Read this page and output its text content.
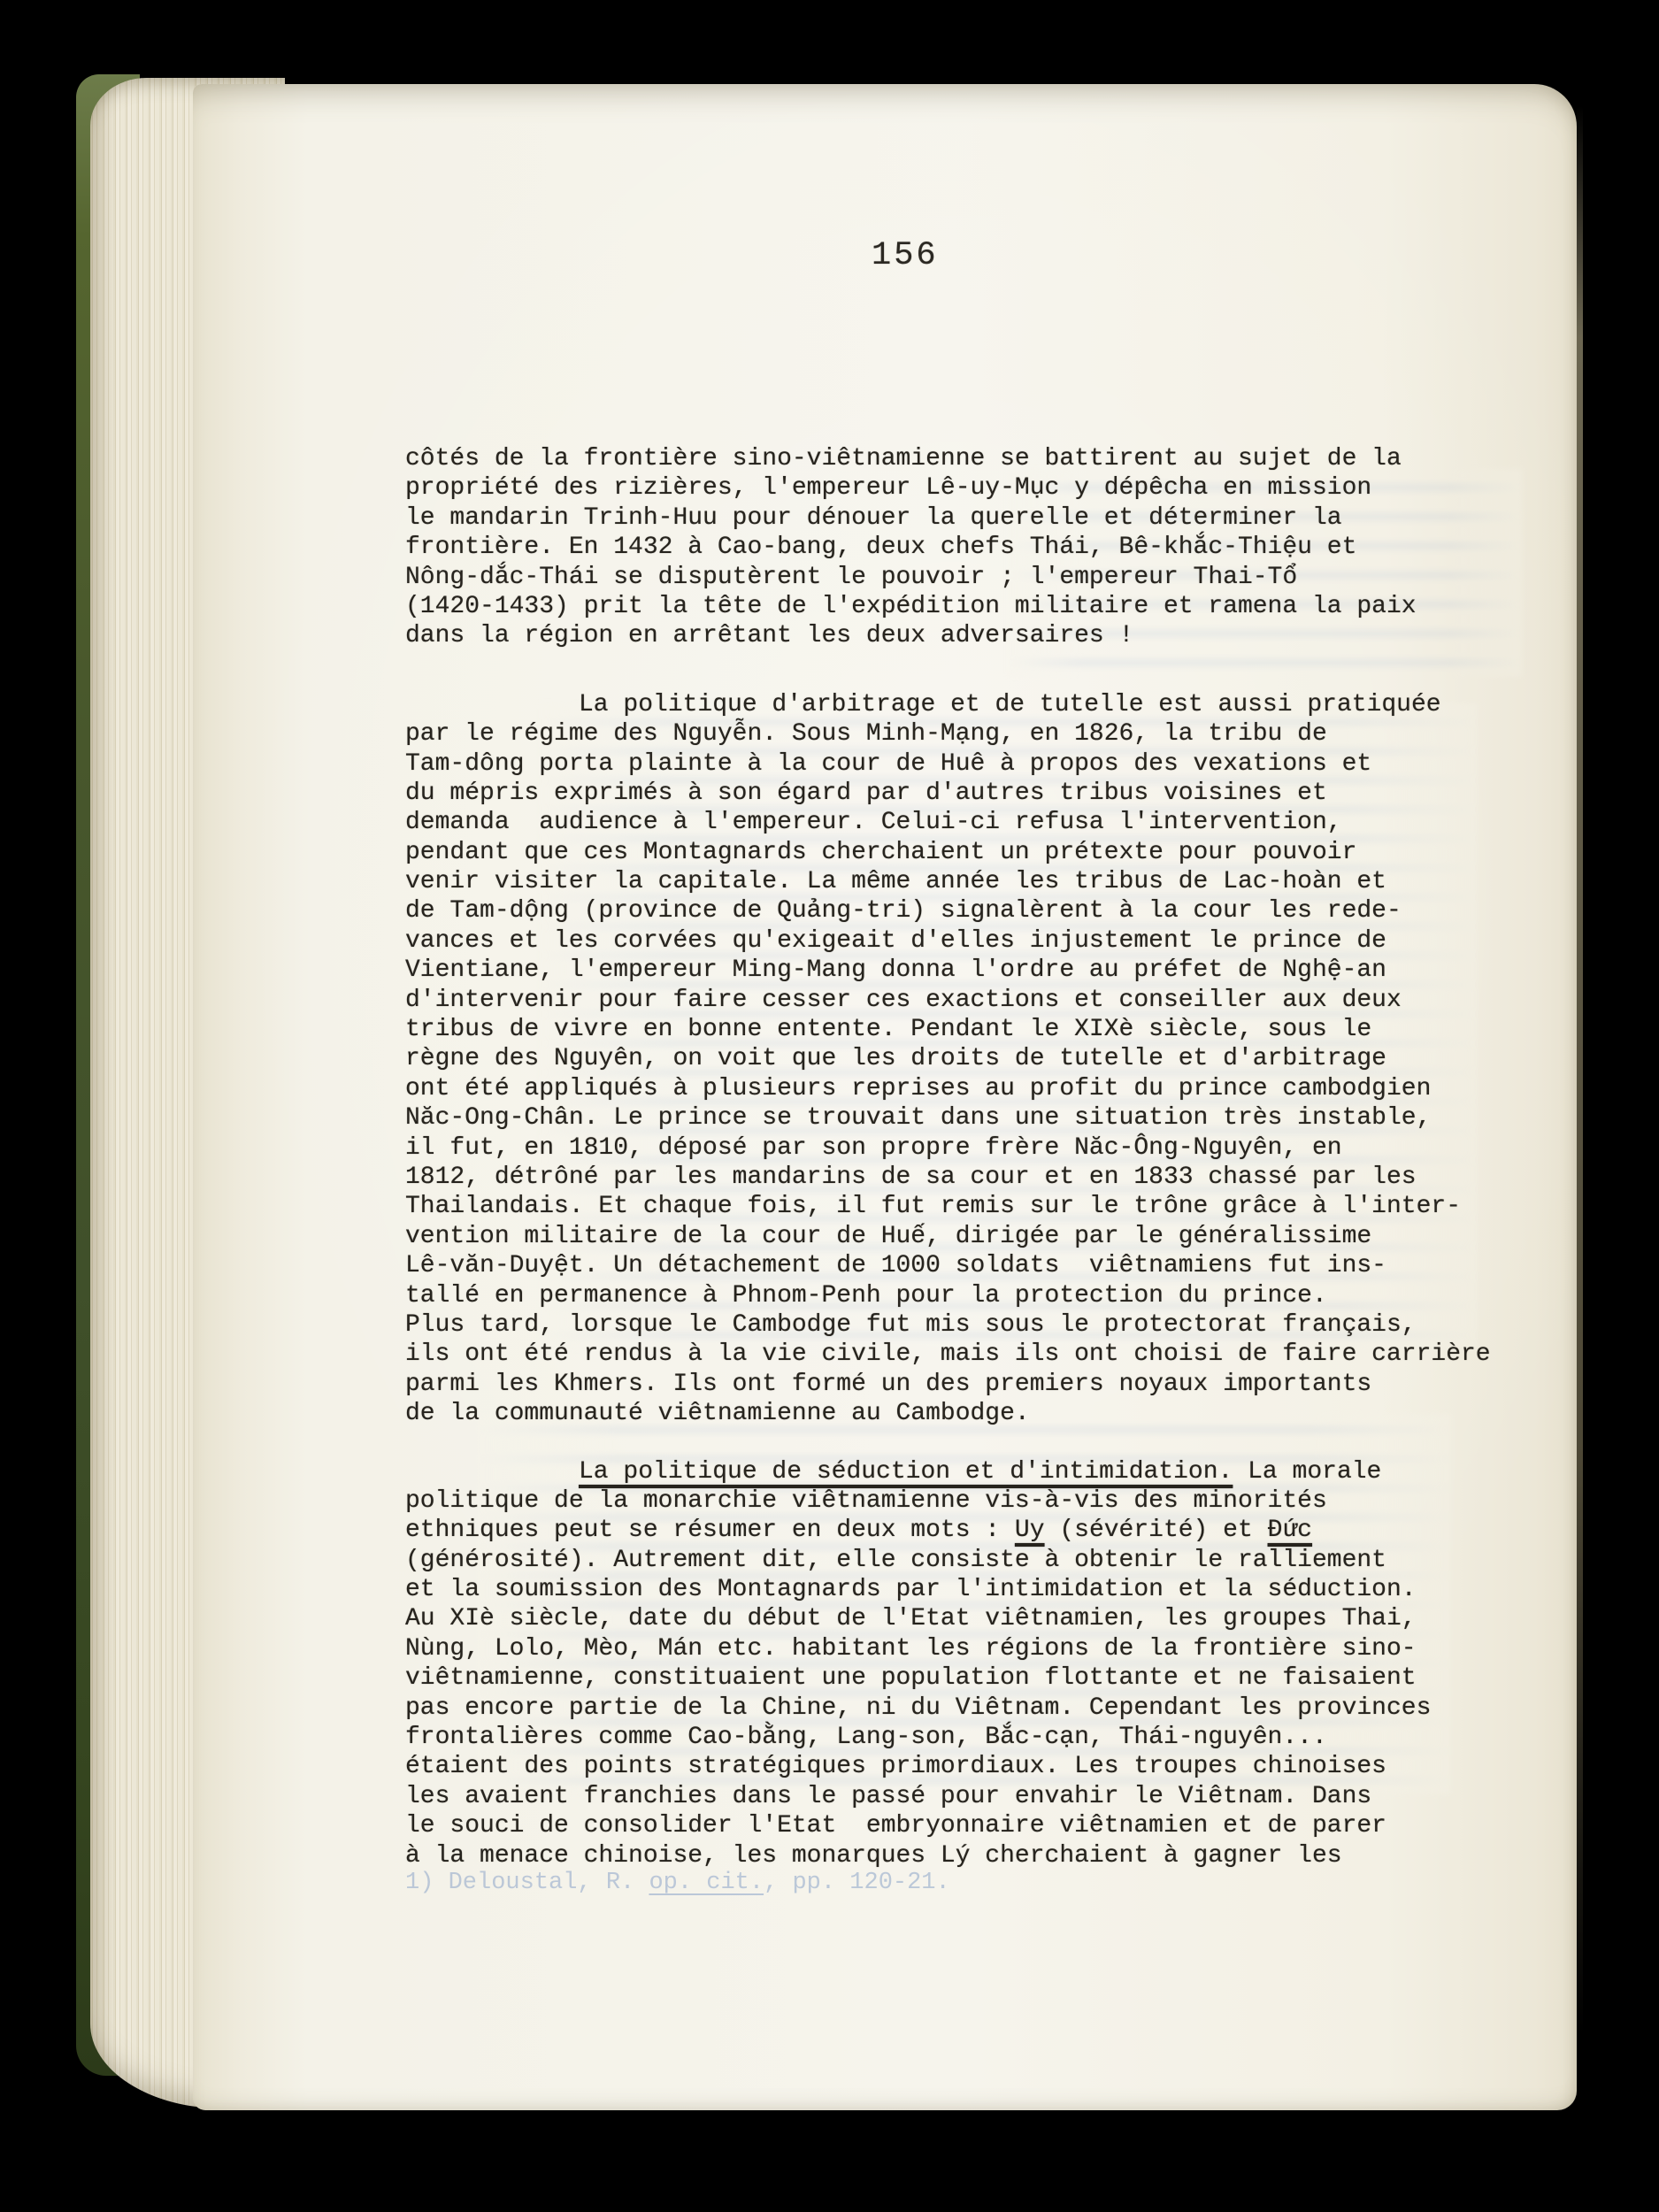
156
côtés de la frontière sino-viêtnamienne se battirent au sujet de la
propriété des rizières, l'empereur Lê-uy-Mục y dépêcha en mission
le mandarin Trinh-Huu pour dénouer la querelle et déterminer la
frontière. En 1432 à Cao-bang, deux chefs Thái, Bê-khắc-Thiệu et
Nông-dắc-Thái se disputèrent le pouvoir ; l'empereur Thai-Tổ
(1420-1433) prit la tête de l'expédition militaire et ramena la paix
dans la région en arrêtant les deux adversaires !
La politique d'arbitrage et de tutelle est aussi pratiquée
par le régime des Nguyễn. Sous Minh-Mạng, en 1826, la tribu de
Tam-dông porta plainte à la cour de Huê à propos des vexations et
du mépris exprimés à son égard par d'autres tribus voisines et
demanda  audience à l'empereur. Celui-ci refusa l'intervention,
pendant que ces Montagnards cherchaient un prétexte pour pouvoir
venir visiter la capitale. La même année les tribus de Lac-hoàn et
de Tam-dộng (province de Quảng-tri) signalèrent à la cour les rede-
vances et les corvées qu'exigeait d'elles injustement le prince de
Vientiane, l'empereur Ming-Mang donna l'ordre au préfet de Nghệ-an
d'intervenir pour faire cesser ces exactions et conseiller aux deux
tribus de vivre en bonne entente. Pendant le XIXè siècle, sous le
règne des Nguyên, on voit que les droits de tutelle et d'arbitrage
ont été appliqués à plusieurs reprises au profit du prince cambodgien
Năc-Ong-Chân. Le prince se trouvait dans une situation très instable,
il fut, en 1810, déposé par son propre frère Năc-Ông-Nguyên, en
1812, détrôné par les mandarins de sa cour et en 1833 chassé par les
Thailandais. Et chaque fois, il fut remis sur le trône grâce à l'inter-
vention militaire de la cour de Huế, dirigée par le généralissime
Lê-văn-Duyệt. Un détachement de 1000 soldats  viêtnamiens fut ins-
tallé en permanence à Phnom-Penh pour la protection du prince.
Plus tard, lorsque le Cambodge fut mis sous le protectorat français,
ils ont été rendus à la vie civile, mais ils ont choisi de faire carrière
parmi les Khmers. Ils ont formé un des premiers noyaux importants
de la communauté viêtnamienne au Cambodge.
La politique de séduction et d'intimidation. La morale
politique de la monarchie viêtnamienne vis-à-vis des minorités
ethniques peut se résumer en deux mots : Uy (sévérité) et Đức
(générosité). Autrement dit, elle consiste à obtenir le ralliement
et la soumission des Montagnards par l'intimidation et la séduction.
Au XIè siècle, date du début de l'Etat viêtnamien, les groupes Thai,
Nùng, Lolo, Mèo, Mán etc. habitant les régions de la frontière sino-
viêtnamienne, constituaient une population flottante et ne faisaient
pas encore partie de la Chine, ni du Viêtnam. Cependant les provinces
frontalières comme Cao-bằng, Lang-son, Bắc-cạn, Thái-nguyên...
étaient des points stratégiques primordiaux. Les troupes chinoises
les avaient franchies dans le passé pour envahir le Viêtnam. Dans
le souci de consolider l'Etat  embryonnaire viêtnamien et de parer
à la menace chinoise, les monarques Lý cherchaient à gagner les
1) Deloustal, R. op. cit., pp. 120-21.
